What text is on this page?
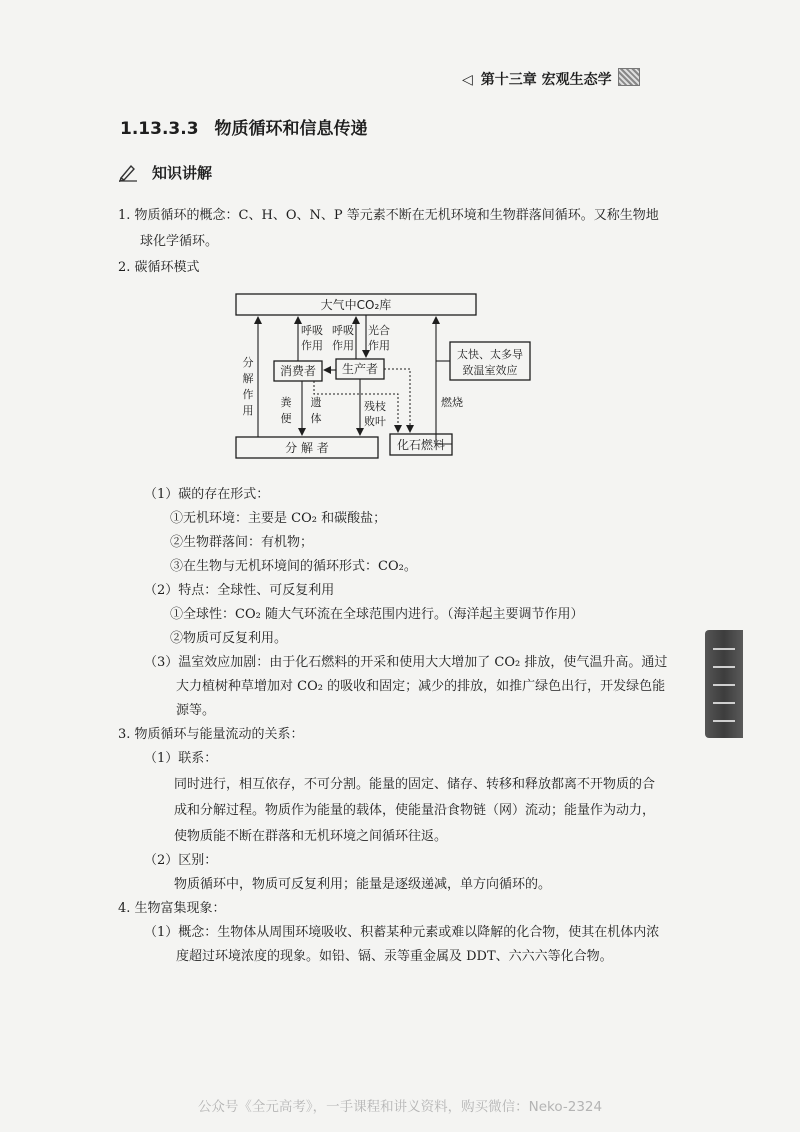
◁ 第十三章 宏观生态学
1.13.3.3 物质循环和信息传递
知识讲解
1. 物质循环的概念：C、H、O、N、P 等元素不断在无机环境和生物群落间循环。又称生物地
球化学循环。
2. 碳循环模式
大气中CO₂库
消费者 生产者
分 解 者	化石燃料
太快、太多导
致温室效应
分
解
作
用
呼吸
作用
呼吸
作用
光合
作用
粪
便
遗
体
残枝
败叶
燃烧
（1）碳的存在形式：
①无机环境：主要是 CO₂ 和碳酸盐；
②生物群落间：有机物；
③在生物与无机环境间的循环形式：CO₂。
（2）特点：全球性、可反复利用
①全球性：CO₂ 随大气环流在全球范围内进行。（海洋起主要调节作用）
②物质可反复利用。
（3）温室效应加剧：由于化石燃料的开采和使用大大增加了 CO₂ 排放，使气温升高。通过
大力植树种草增加对 CO₂ 的吸收和固定；减少的排放，如推广绿色出行，开发绿色能
源等。
3. 物质循环与能量流动的关系：
（1）联系：
同时进行，相互依存，不可分割。能量的固定、储存、转移和释放都离不开物质的合
成和分解过程。物质作为能量的载体，使能量沿食物链（网）流动；能量作为动力，
使物质能不断在群落和无机环境之间循环往返。
（2）区别：
物质循环中，物质可反复利用；能量是逐级递减，单方向循环的。
4. 生物富集现象：
（1）概念：生物体从周围环境吸收、积蓄某种元素或难以降解的化合物，使其在机体内浓
度超过环境浓度的现象。如铅、镉、汞等重金属及 DDT、六六六等化合物。
公众号《全元高考》，一手课程和讲义资料，购买微信：Neko-2324
